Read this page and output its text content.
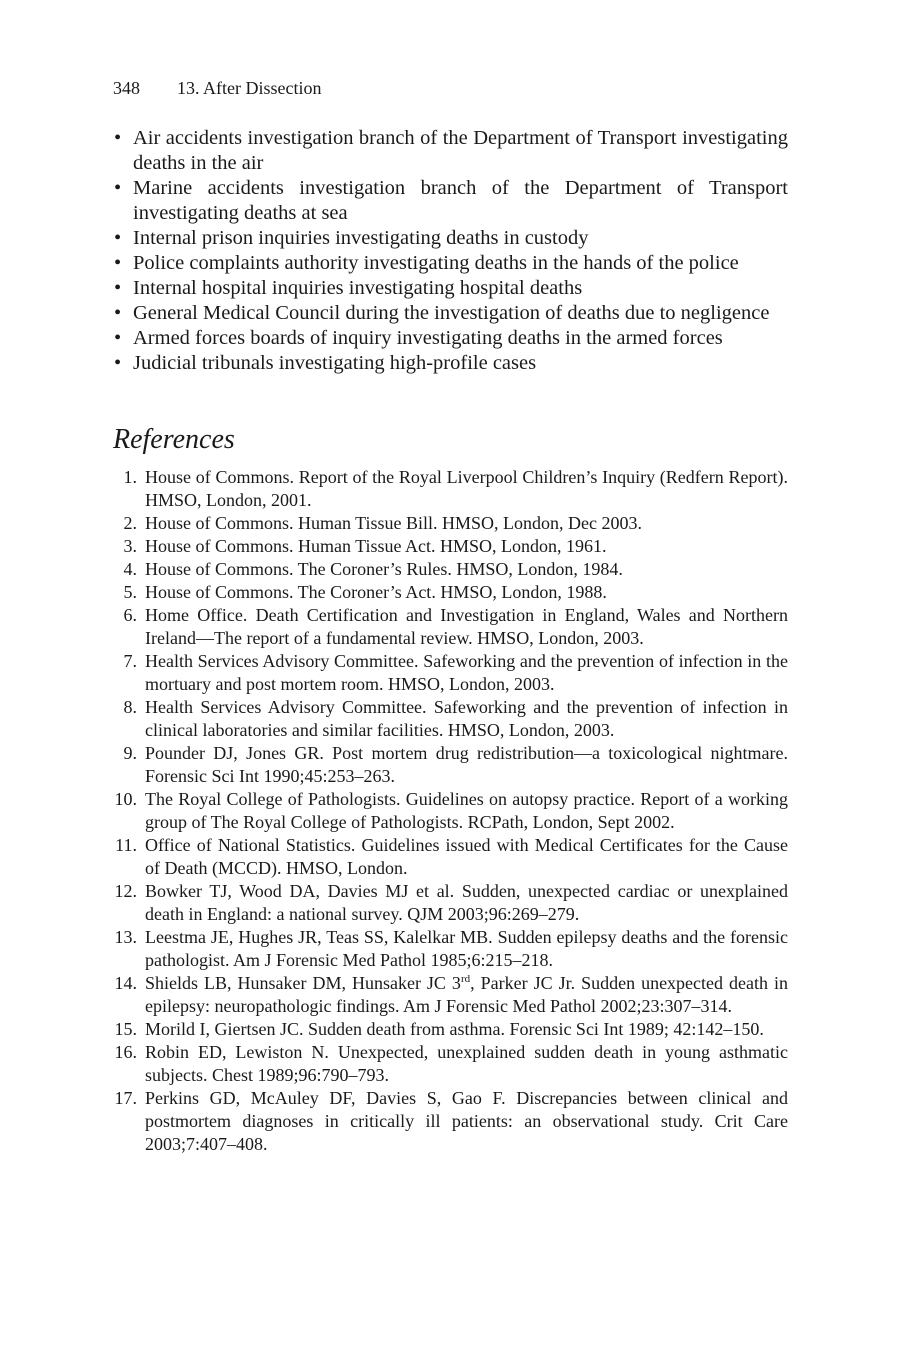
348 13. After Dissection
• Air accidents investigation branch of the Department of Transport investigating deaths in the air
• Marine accidents investigation branch of the Department of Transport investigating deaths at sea
• Internal prison inquiries investigating deaths in custody
• Police complaints authority investigating deaths in the hands of the police
• Internal hospital inquiries investigating hospital deaths
• General Medical Council during the investigation of deaths due to negligence
• Armed forces boards of inquiry investigating deaths in the armed forces
• Judicial tribunals investigating high-profile cases
References
1. House of Commons. Report of the Royal Liverpool Children’s Inquiry (Redfern Report). HMSO, London, 2001.
2. House of Commons. Human Tissue Bill. HMSO, London, Dec 2003.
3. House of Commons. Human Tissue Act. HMSO, London, 1961.
4. House of Commons. The Coroner’s Rules. HMSO, London, 1984.
5. House of Commons. The Coroner’s Act. HMSO, London, 1988.
6. Home Office. Death Certification and Investigation in England, Wales and Northern Ireland—The report of a fundamental review. HMSO, London, 2003.
7. Health Services Advisory Committee. Safeworking and the prevention of infection in the mortuary and post mortem room. HMSO, London, 2003.
8. Health Services Advisory Committee. Safeworking and the prevention of infection in clinical laboratories and similar facilities. HMSO, London, 2003.
9. Pounder DJ, Jones GR. Post mortem drug redistribution—a toxicological nightmare. Forensic Sci Int 1990;45:253–263.
10. The Royal College of Pathologists. Guidelines on autopsy practice. Report of a working group of The Royal College of Pathologists. RCPath, London, Sept 2002.
11. Office of National Statistics. Guidelines issued with Medical Certificates for the Cause of Death (MCCD). HMSO, London.
12. Bowker TJ, Wood DA, Davies MJ et al. Sudden, unexpected cardiac or unexplained death in England: a national survey. QJM 2003;96:269–279.
13. Leestma JE, Hughes JR, Teas SS, Kalelkar MB. Sudden epilepsy deaths and the forensic pathologist. Am J Forensic Med Pathol 1985;6:215–218.
14. Shields LB, Hunsaker DM, Hunsaker JC 3rd, Parker JC Jr. Sudden unexpected death in epilepsy: neuropathologic findings. Am J Forensic Med Pathol 2002;23:307–314.
15. Morild I, Giertsen JC. Sudden death from asthma. Forensic Sci Int 1989; 42:142–150.
16. Robin ED, Lewiston N. Unexpected, unexplained sudden death in young asthmatic subjects. Chest 1989;96:790–793.
17. Perkins GD, McAuley DF, Davies S, Gao F. Discrepancies between clinical and postmortem diagnoses in critically ill patients: an observational study. Crit Care 2003;7:407–408.
